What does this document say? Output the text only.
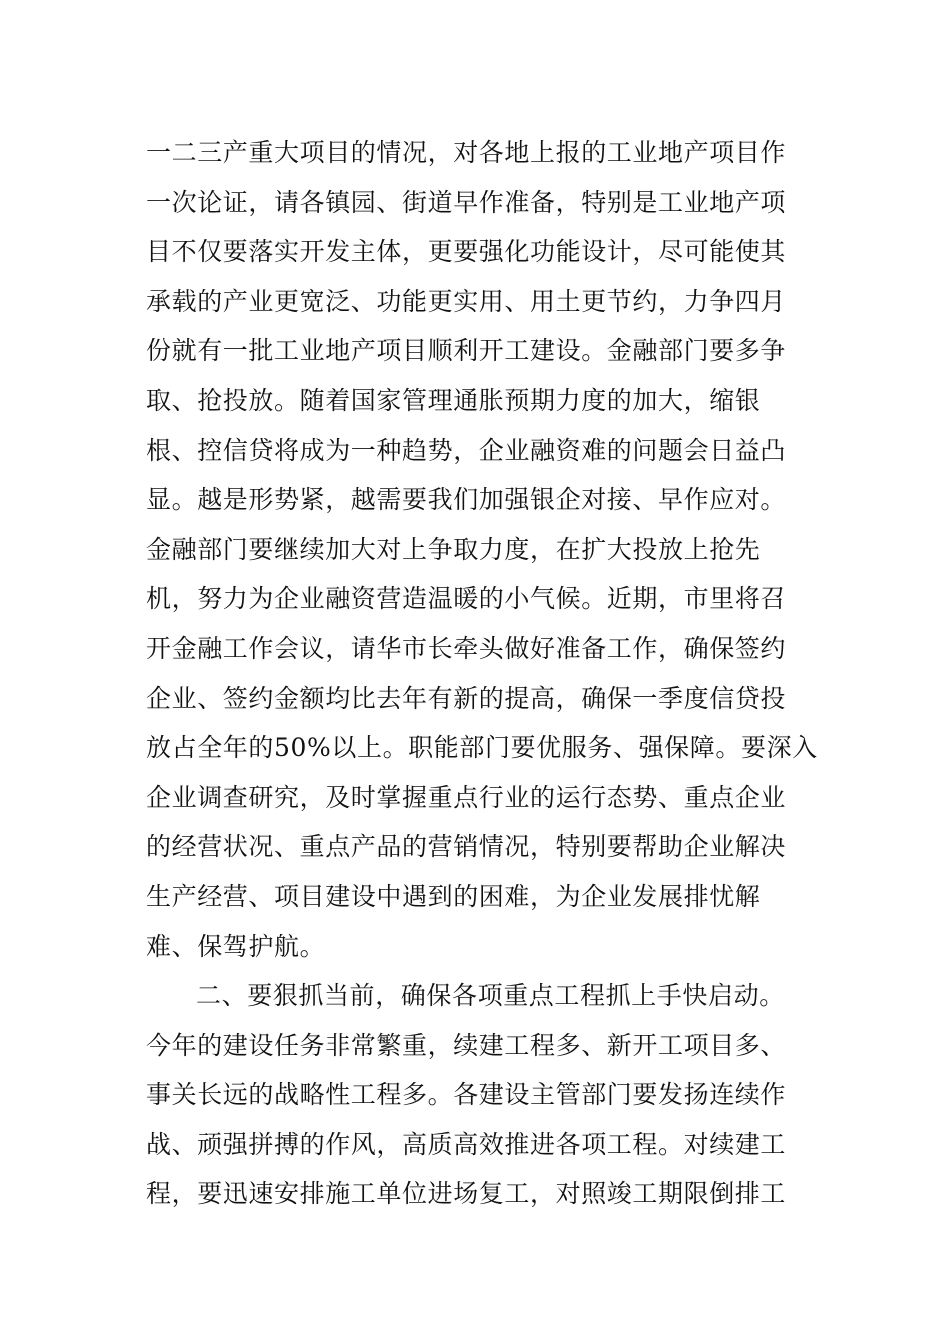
一二三产重大项目的情况，对各地上报的工业地产项目作
一次论证，请各镇园、街道早作准备，特别是工业地产项
目不仅要落实开发主体，更要强化功能设计，尽可能使其
承载的产业更宽泛、功能更实用、用土更节约，力争四月
份就有一批工业地产项目顺利开工建设。金融部门要多争
取、抢投放。随着国家管理通胀预期力度的加大，缩银
根、控信贷将成为一种趋势，企业融资难的问题会日益凸
显。越是形势紧，越需要我们加强银企对接、早作应对。
金融部门要继续加大对上争取力度，在扩大投放上抢先
机，努力为企业融资营造温暖的小气候。近期，市里将召
开金融工作会议，请华市长牵头做好准备工作，确保签约
企业、签约金额均比去年有新的提高，确保一季度信贷投
放占全年的50%以上。职能部门要优服务、强保障。要深入
企业调查研究，及时掌握重点行业的运行态势、重点企业
的经营状况、重点产品的营销情况，特别要帮助企业解决
生产经营、项目建设中遇到的困难，为企业发展排忧解
难、保驾护航。
二、要狠抓当前，确保各项重点工程抓上手快启动。
今年的建设任务非常繁重，续建工程多、新开工项目多、
事关长远的战略性工程多。各建设主管部门要发扬连续作
战、顽强拼搏的作风，高质高效推进各项工程。对续建工
程，要迅速安排施工单位进场复工，对照竣工期限倒排工
